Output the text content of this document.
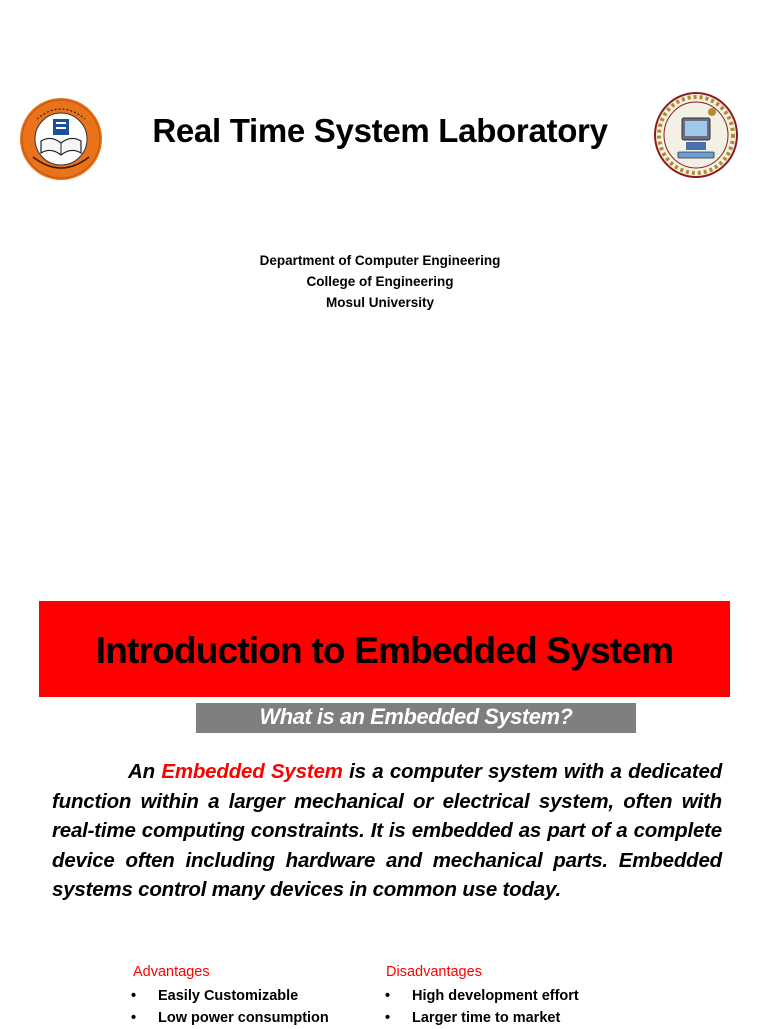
Real Time System Laboratory
Department of Computer Engineering
College of Engineering
Mosul University
Introduction to Embedded System
What is an Embedded System?
An Embedded System is a computer system with a dedicated function within a larger mechanical or electrical system, often with real-time computing constraints. It is embedded as part of a complete device often including hardware and mechanical parts. Embedded systems control many devices in common use today.
Advantages
• Easily Customizable
• Low power consumption
Disadvantages
• High development effort
• Larger time to market
